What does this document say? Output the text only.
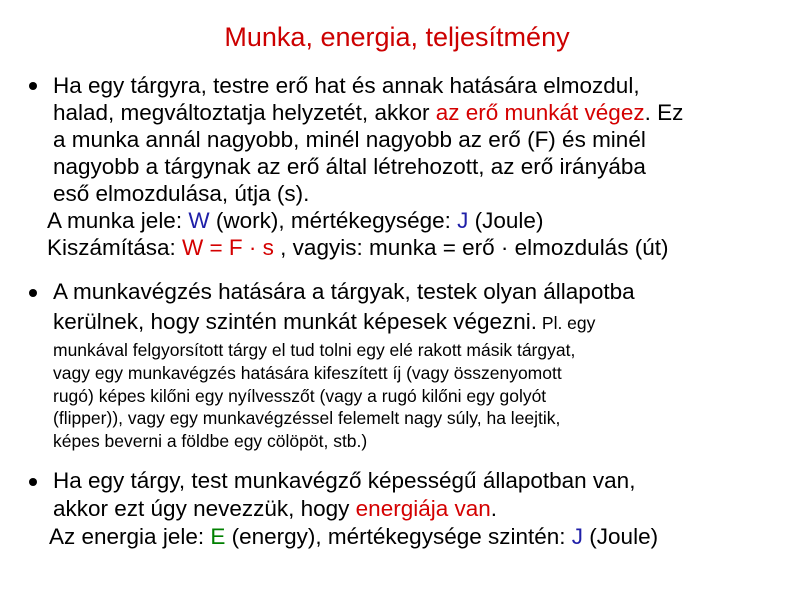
Munka, energia, teljesítmény
Ha egy tárgyra, testre erő hat és annak hatására elmozdul,
halad, megváltoztatja helyzetét, akkor az erő munkát végez. Ez
a munka annál nagyobb, minél nagyobb az erő (F) és minél
nagyobb a tárgynak az erő által létrehozott, az erő irányába
eső elmozdulása, útja (s).
A munka jele: W (work), mértékegysége: J (Joule)
Kiszámítása: W = F · s , vagyis: munka = erő · elmozdulás (út)
A munkavégzés hatására a tárgyak, testek olyan állapotba
kerülnek, hogy szintén munkát képesek végezni. Pl. egy
munkával felgyorsított tárgy el tud tolni egy elé rakott másik tárgyat,
vagy egy munkavégzés hatására kifeszített íj (vagy összenyomott
rugó) képes kilőni egy nyílvesszőt (vagy a rugó kilőni egy golyót
(flipper)), vagy egy munkavégzéssel felemelt nagy súly, ha leejtik,
képes beverni a földbe egy cölöpöt, stb.)
Ha egy tárgy, test munkavégző képességű állapotban van,
akkor ezt úgy nevezzük, hogy energiája van.
Az energia jele: E (energy), mértékegysége szintén: J (Joule)
